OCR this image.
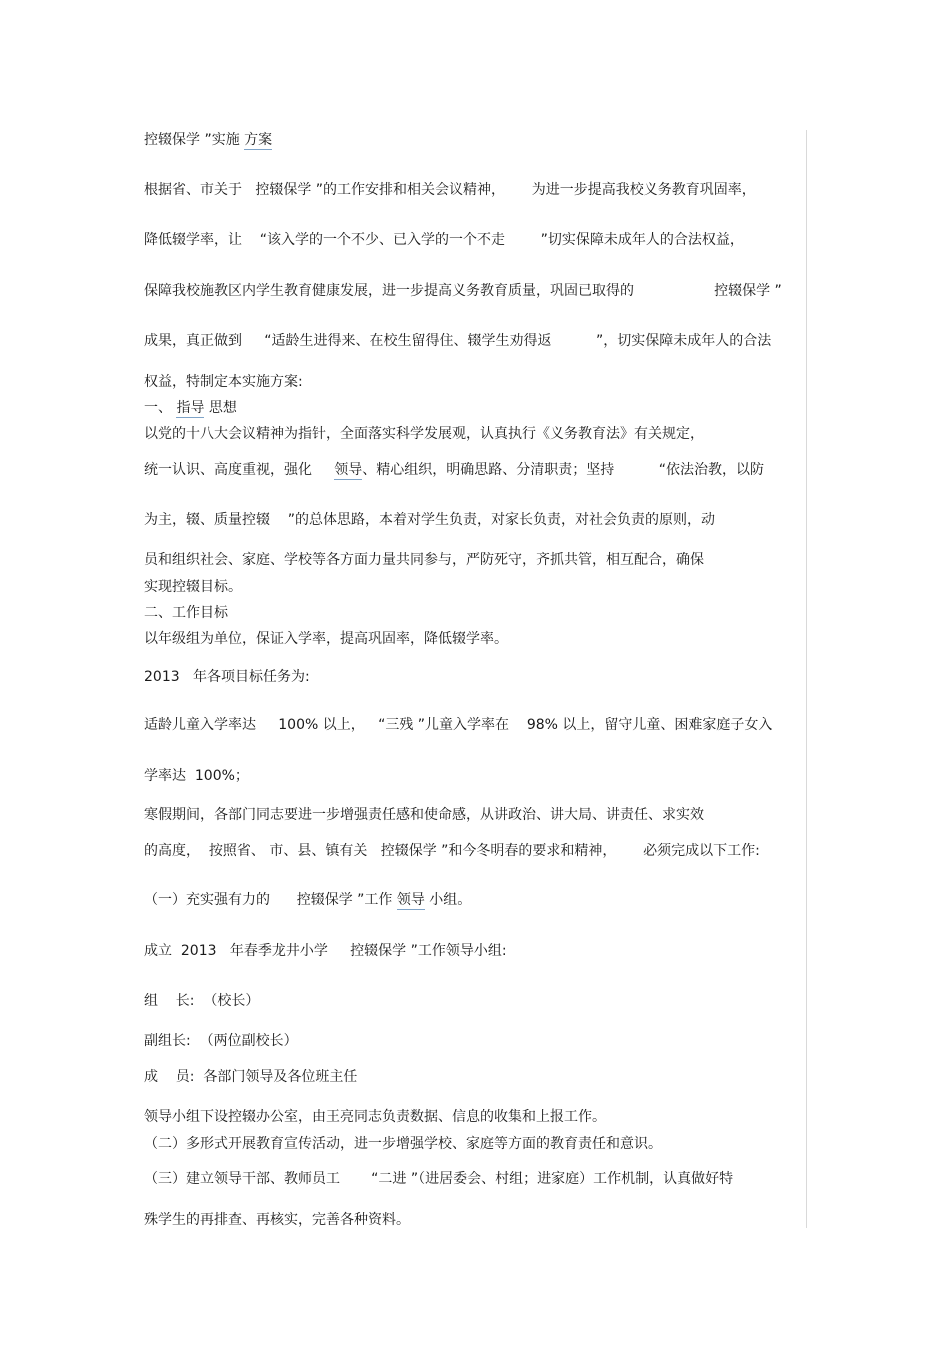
控辍保学 ”实施 方案
根据省、市关于   控辍保学 ”的工作安排和相关会议精神，      为进一步提高我校义务教育巩固率，
降低辍学率，让    “该入学的一个不少、已入学的一个不走        ”切实保障未成年人的合法权益，
保障我校施教区内学生教育健康发展，进一步提高义务教育质量，巩固已取得的                  控辍保学 ”
成果，真正做到     “适龄生进得来、在校生留得住、辍学生劝得返          ”，切实保障未成年人的合法
权益，特制定本实施方案:
一、 指导 思想
以党的十八大会议精神为指针，全面落实科学发展观，认真执行《义务教育法》有关规定，
统一认识、高度重视，强化     领导、精心组织，明确思路、分清职责；坚持          “依法治教，以防
为主，辍、质量控辍    ”的总体思路，本着对学生负责，对家长负责，对社会负责的原则，动
员和组织社会、家庭、学校等各方面力量共同参与，严防死守，齐抓共管，相互配合，确保
实现控辍目标。
二、工作目标
以年级组为单位，保证入学率，提高巩固率，降低辍学率。
2013   年各项目标任务为:
适龄儿童入学率达     100% 以上，   “三残 ”儿童入学率在    98% 以上，留守儿童、困难家庭子女入
学率达  100%；
寒假期间，各部门同志要进一步增强责任感和使命感，从讲政治、讲大局、讲责任、求实效
的高度，  按照省、 市、县、镇有关   控辍保学 ”和今冬明春的要求和精神，      必须完成以下工作:
（一）充实强有力的      控辍保学 ”工作 领导 小组。
成立  2013   年春季龙井小学     控辍保学 ”工作领导小组:
组    长:  （校长）
副组长:  （两位副校长）
成    员:  各部门领导及各位班主任
领导小组下设控辍办公室，由王亮同志负责数据、信息的收集和上报工作。
（二）多形式开展教育宣传活动，进一步增强学校、家庭等方面的教育责任和意识。
（三）建立领导干部、教师员工       “二进 ”（进居委会、村组；进家庭）工作机制，认真做好特
殊学生的再排查、再核实，完善各种资料。
